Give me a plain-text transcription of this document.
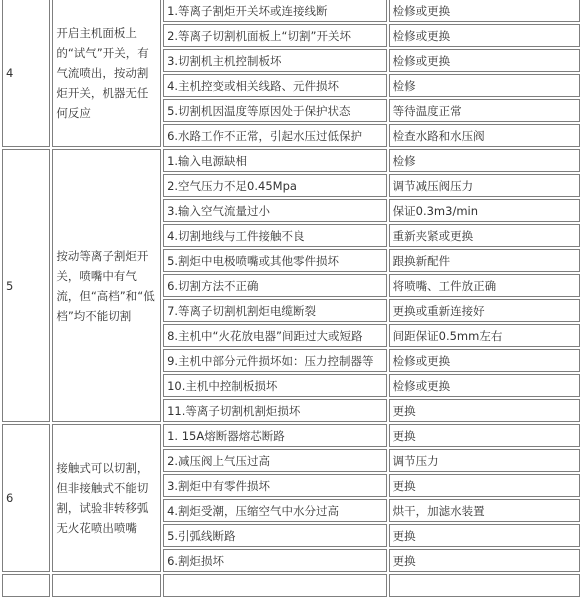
4	开启主机面板上的“试气”开关，有气流喷出，按动割炬开关，机器无任何反应	1.等离子割炬开关坏或连接线断	检修或更换
		2.等离子切割机面板上“切割”开关坏	检修或更换
		3.切割机主机控制板坏	检修或更换
		4.主机控变或相关线路、元件损坏	检修
		5.切割机因温度等原因处于保护状态	等待温度正常
		6.水路工作不正常，引起水压过低保护	检查水路和水压阀
5	按动等离子割炬开关，喷嘴中有气流，但“高档”和“低档”均不能切割	1.输入电源缺相	检修
		2.空气压力不足0.45Mpa	调节减压阀压力
		3.输入空气流量过小	保证0.3m3/min
		4.切割地线与工件接触不良	重新夹紧或更换
		5.割炬中电极喷嘴或其他零件损坏	跟换新配件
		6.切割方法不正确	将喷嘴、工件放正确
		7.等离子切割机割炬电缆断裂	更换或重新连接好
		8.主机中“火花放电器”间距过大或短路	间距保证0.5mm左右
		9.主机中部分元件损坏如：压力控制器等	检修或更换
		10.主机中控制板损坏	检修或更换
		11.等离子切割机割炬损坏	更换
6	接触式可以切割，但非接触式不能切割，试验非转移弧无火花喷出喷嘴	1. 15A熔断器熔芯断路	更换
		2.减压阀上气压过高	调节压力
		3.割炬中有零件损坏	更换
		4.割炬受潮，压缩空气中水分过高	烘干，加滤水装置
		5.引弧线断路	更换
		6.割炬损坏	更换
